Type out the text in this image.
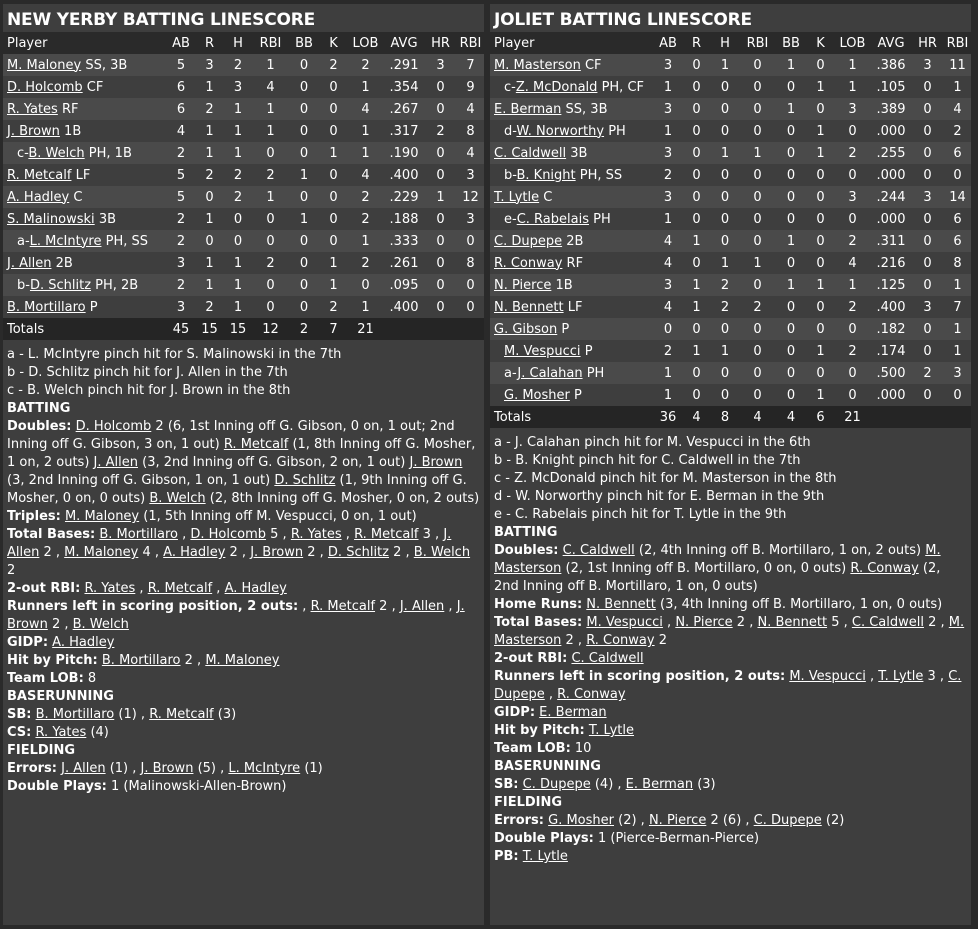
NEW YERBY BATTING LINESCORE
Player	AB	R	H	RBI	BB	K	LOB	AVG	HR	RBI
M. Maloney SS, 3B	5	3	2	1	0	2	2	.291	3	7
D. Holcomb CF	6	1	3	4	0	0	1	.354	0	9
R. Yates RF	6	2	1	1	0	0	4	.267	0	4
J. Brown 1B	4	1	1	1	0	0	1	.317	2	8
c-B. Welch PH, 1B	2	1	1	0	0	1	1	.190	0	4
R. Metcalf LF	5	2	2	2	1	0	4	.400	0	3
A. Hadley C	5	0	2	1	0	0	2	.229	1	12
S. Malinowski 3B	2	1	0	0	1	0	2	.188	0	3
a-L. McIntyre PH, SS	2	0	0	0	0	0	1	.333	0	0
J. Allen 2B	3	1	1	2	0	1	2	.261	0	8
b-D. Schlitz PH, 2B	2	1	1	0	0	1	0	.095	0	0
B. Mortillaro P	3	2	1	0	0	2	1	.400	0	0
Totals	45	15	15	12	2	7	21			
a - L. McIntyre pinch hit for S. Malinowski in the 7th
b - D. Schlitz pinch hit for J. Allen in the 7th
c - B. Welch pinch hit for J. Brown in the 8th
BATTING
Doubles: D. Holcomb 2 (6, 1st Inning off G. Gibson, 0 on, 1 out; 2nd Inning off G. Gibson, 3 on, 1 out) R. Metcalf (1, 8th Inning off G. Mosher, 1 on, 2 outs) J. Allen (3, 2nd Inning off G. Gibson, 2 on, 1 out) J. Brown (3, 2nd Inning off G. Gibson, 1 on, 1 out) D. Schlitz (1, 9th Inning off G. Mosher, 0 on, 0 outs) B. Welch (2, 8th Inning off G. Mosher, 0 on, 2 outs)
Triples: M. Maloney (1, 5th Inning off M. Vespucci, 0 on, 1 out)
Total Bases: B. Mortillaro , D. Holcomb 5 , R. Yates , R. Metcalf 3 , J. Allen 2 , M. Maloney 4 , A. Hadley 2 , J. Brown 2 , D. Schlitz 2 , B. Welch 2
2-out RBI: R. Yates , R. Metcalf , A. Hadley
Runners left in scoring position, 2 outs: , R. Metcalf 2 , J. Allen , J. Brown 2 , B. Welch
GIDP: A. Hadley
Hit by Pitch: B. Mortillaro 2 , M. Maloney
Team LOB: 8
BASERUNNING
SB: B. Mortillaro (1) , R. Metcalf (3)
CS: R. Yates (4)
FIELDING
Errors: J. Allen (1) , J. Brown (5) , L. McIntyre (1)
Double Plays: 1 (Malinowski-Allen-Brown)
JOLIET BATTING LINESCORE
Player	AB	R	H	RBI	BB	K	LOB	AVG	HR	RBI
M. Masterson CF	3	0	1	0	1	0	1	.386	3	11
c-Z. McDonald PH, CF	1	0	0	0	0	1	1	.105	0	1
E. Berman SS, 3B	3	0	0	0	1	0	3	.389	0	4
d-W. Norworthy PH	1	0	0	0	0	1	0	.000	0	2
C. Caldwell 3B	3	0	1	1	0	1	2	.255	0	6
b-B. Knight PH, SS	2	0	0	0	0	0	0	.000	0	0
T. Lytle C	3	0	0	0	0	0	3	.244	3	14
e-C. Rabelais PH	1	0	0	0	0	0	0	.000	0	6
C. Dupepe 2B	4	1	0	0	1	0	2	.311	0	6
R. Conway RF	4	0	1	1	0	0	4	.216	0	8
N. Pierce 1B	3	1	2	0	1	1	1	.125	0	1
N. Bennett LF	4	1	2	2	0	0	2	.400	3	7
G. Gibson P	0	0	0	0	0	0	0	.182	0	1
M. Vespucci P	2	1	1	0	0	1	2	.174	0	1
a-J. Calahan PH	1	0	0	0	0	0	0	.500	2	3
G. Mosher P	1	0	0	0	0	1	0	.000	0	0
Totals	36	4	8	4	4	6	21			
a - J. Calahan pinch hit for M. Vespucci in the 6th
b - B. Knight pinch hit for C. Caldwell in the 7th
c - Z. McDonald pinch hit for M. Masterson in the 8th
d - W. Norworthy pinch hit for E. Berman in the 9th
e - C. Rabelais pinch hit for T. Lytle in the 9th
BATTING
Doubles: C. Caldwell (2, 4th Inning off B. Mortillaro, 1 on, 2 outs) M. Masterson (2, 1st Inning off B. Mortillaro, 0 on, 0 outs) R. Conway (2, 2nd Inning off B. Mortillaro, 1 on, 0 outs)
Home Runs: N. Bennett (3, 4th Inning off B. Mortillaro, 1 on, 0 outs)
Total Bases: M. Vespucci , N. Pierce 2 , N. Bennett 5 , C. Caldwell 2 , M. Masterson 2 , R. Conway 2
2-out RBI: C. Caldwell
Runners left in scoring position, 2 outs: M. Vespucci , T. Lytle 3 , C. Dupepe , R. Conway
GIDP: E. Berman
Hit by Pitch: T. Lytle
Team LOB: 10
BASERUNNING
SB: C. Dupepe (4) , E. Berman (3)
FIELDING
Errors: G. Mosher (2) , N. Pierce 2 (6) , C. Dupepe (2)
Double Plays: 1 (Pierce-Berman-Pierce)
PB: T. Lytle
